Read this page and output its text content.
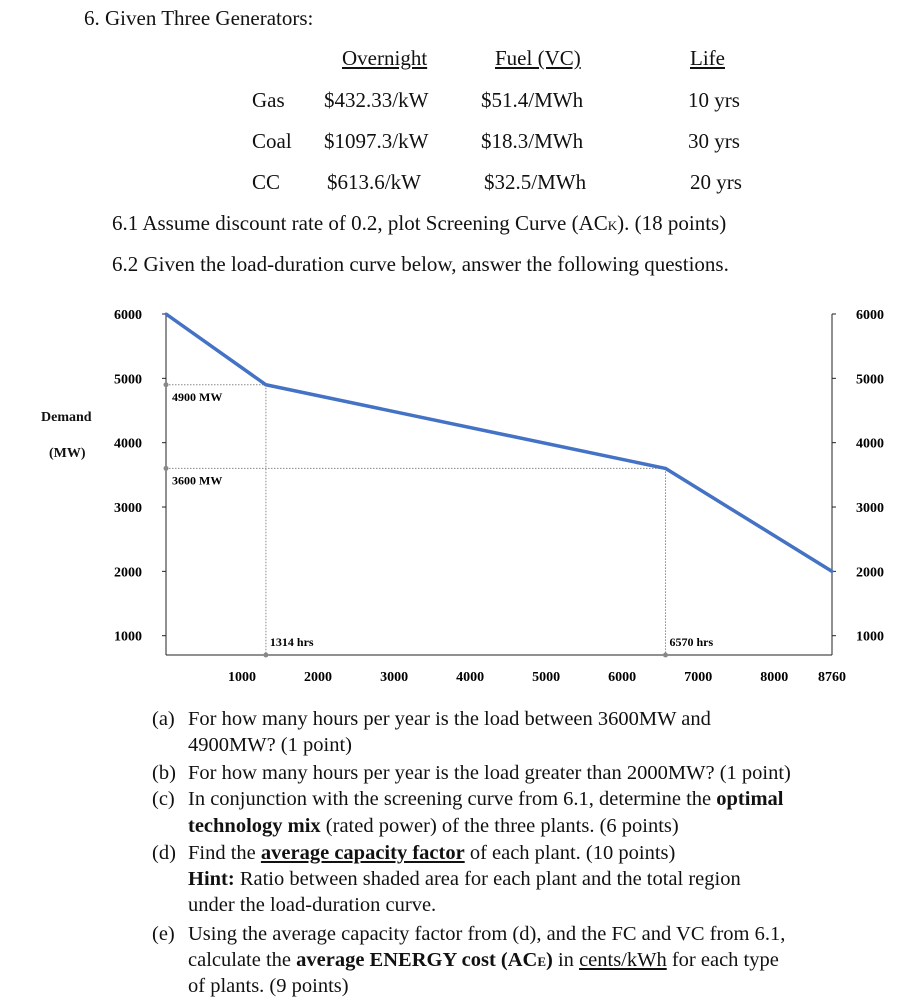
6. Given Three Generators:
Overnight	Fuel (VC)	Life
Gas $432.33/kW	$51.4/MWh	10 yrs
Coal $1097.3/kW	$18.3/MWh	30 yrs
CC $613.6/kW	$32.5/MWh	20 yrs
6.1 Assume discount rate of 0.2, plot Screening Curve (ACK). (18 points)
6.2 Given the load-duration curve below, answer the following questions.
Demand
(MW)
6000
5000
4000
3000
2000
1000
6000
5000
4000
3000
2000
1000
1000	2000	3000	4000	5000	6000	7000	8000 8760
4900 MW
3600 MW
1314 hrs	6570 hrs
(a) For how many hours per year is the load between 3600MW and
4900MW? (1 point)
(b) For how many hours per year is the load greater than 2000MW? (1 point)
(c) In conjunction with the screening curve from 6.1, determine the optimal
technology mix (rated power) of the three plants. (6 points)
(d) Find the average capacity factor of each plant. (10 points)
Hint: Ratio between shaded area for each plant and the total region
under the load-duration curve.
(e) Using the average capacity factor from (d), and the FC and VC from 6.1,
calculate the average ENERGY cost (ACE) in cents/kWh for each type
of plants. (9 points)
